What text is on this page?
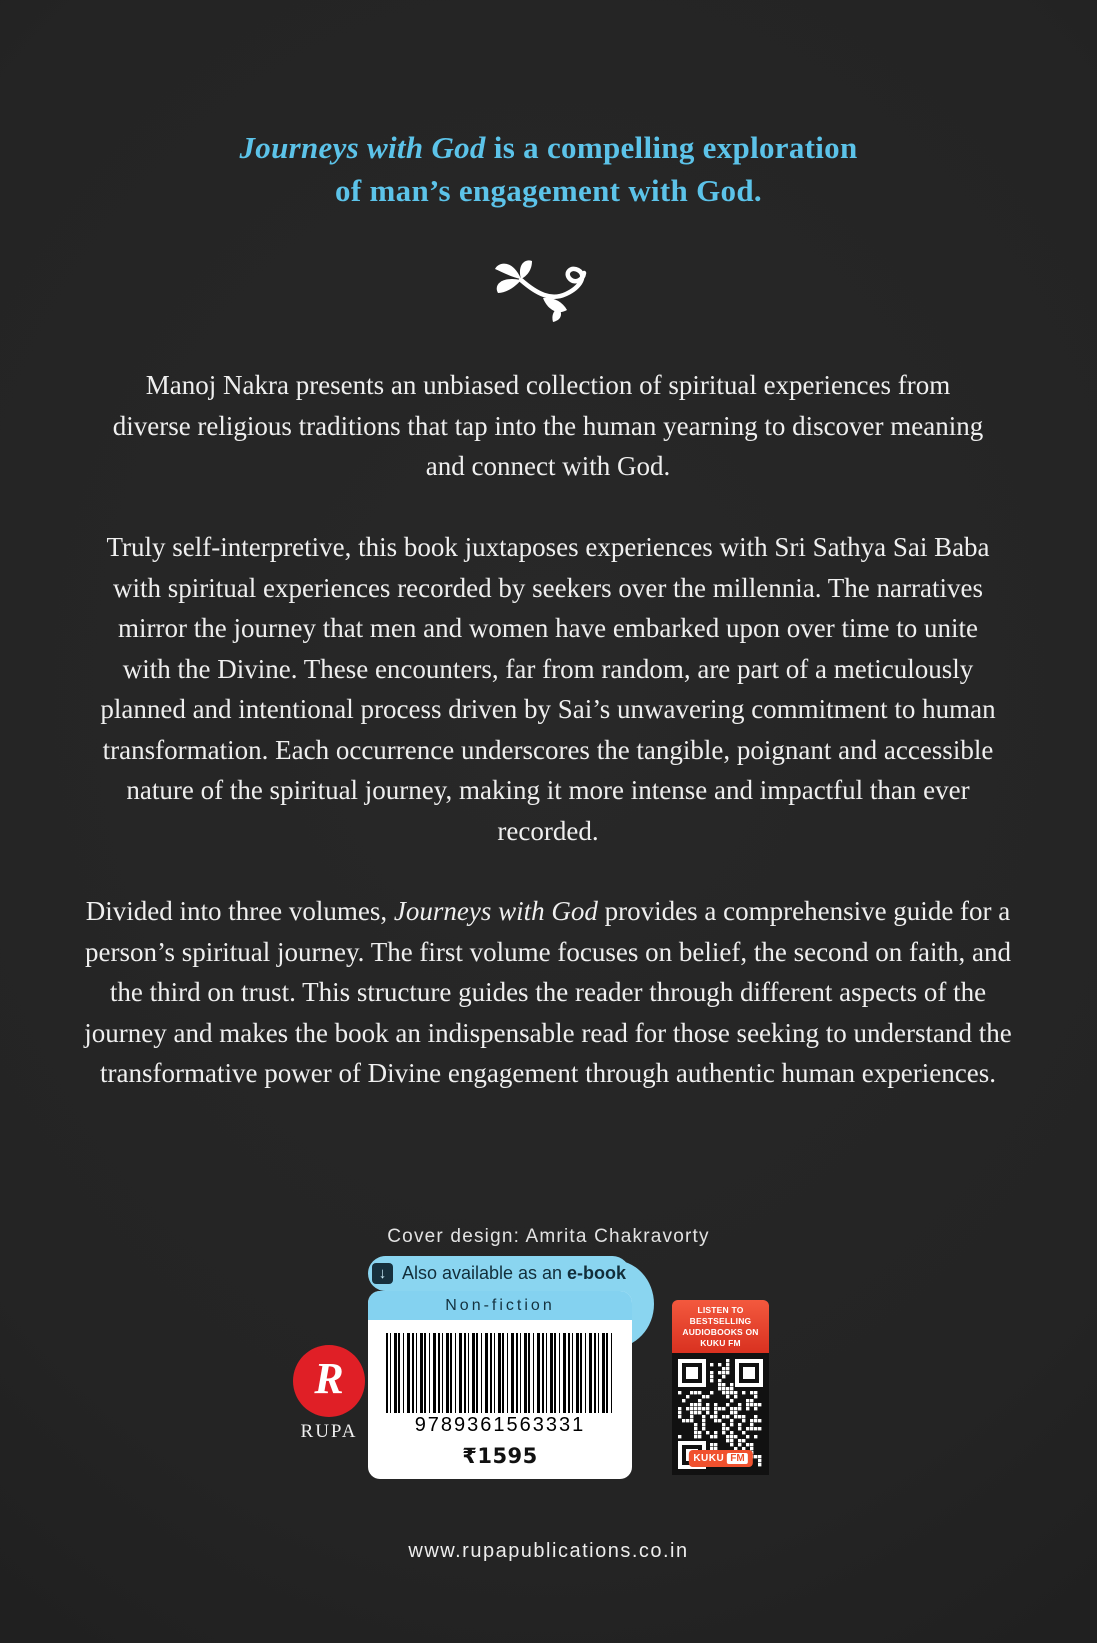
Journeys with God is a compelling exploration
of man’s engagement with God.

Manoj Nakra presents an unbiased collection of spiritual experiences from diverse religious traditions that tap into the human yearning to discover meaning and connect with God.

Truly self-interpretive, this book juxtaposes experiences with Sri Sathya Sai Baba with spiritual experiences recorded by seekers over the millennia. The narratives mirror the journey that men and women have embarked upon over time to unite with the Divine. These encounters, far from random, are part of a meticulously planned and intentional process driven by Sai’s unwavering commitment to human transformation. Each occurrence underscores the tangible, poignant and accessible nature of the spiritual journey, making it more intense and impactful than ever recorded.

Divided into three volumes, Journeys with God provides a comprehensive guide for a person’s spiritual journey. The first volume focuses on belief, the second on faith, and the third on trust. This structure guides the reader through different aspects of the journey and makes the book an indispensable read for those seeking to understand the transformative power of Divine engagement through authentic human experiences.

Cover design: Amrita Chakravorty
↓ Also available as an e-book
Non-fiction
9789361563331
₹1595
R
RUPA
LISTEN TO BESTSELLING
AUDIOBOOKS ON
KUKU FM
KUKU FM
www.rupapublications.co.in
